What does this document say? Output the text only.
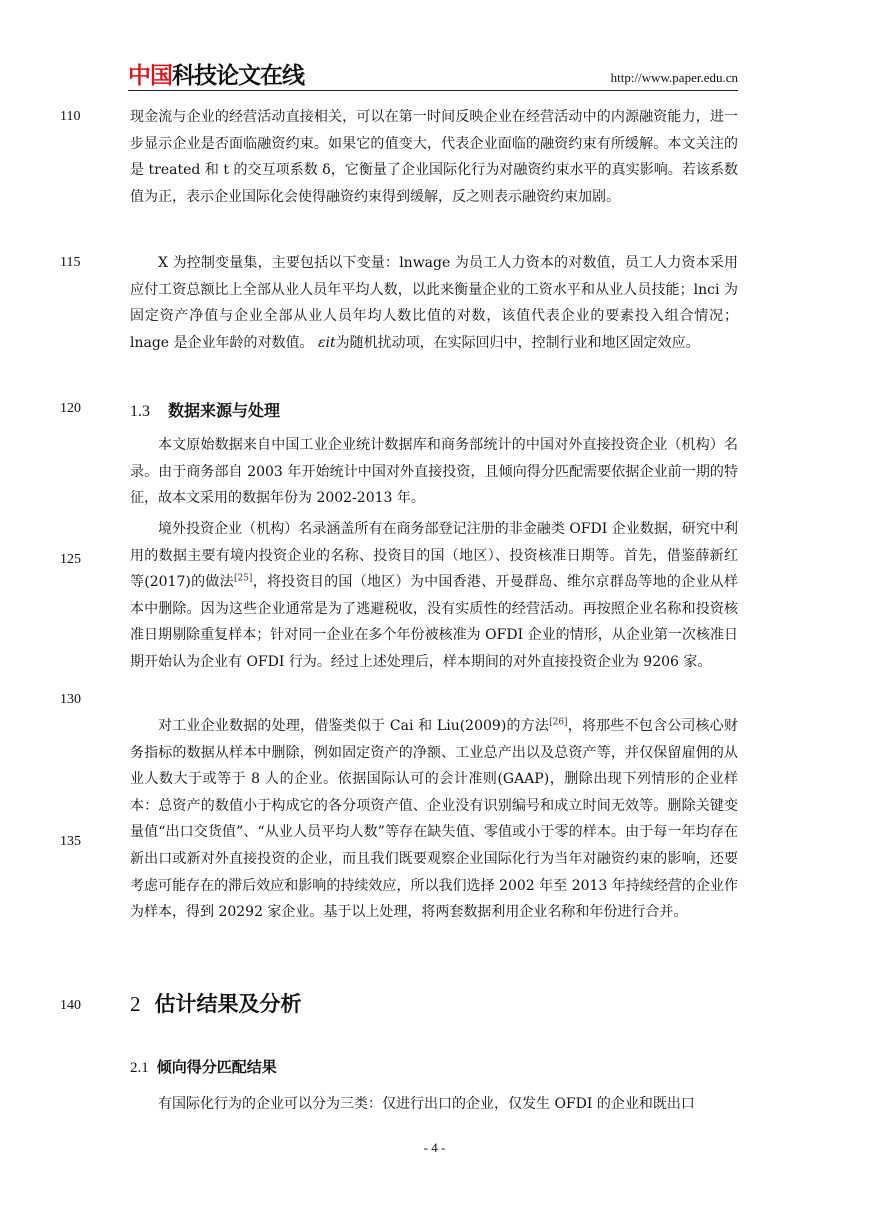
中国科技论文在线	http://www.paper.edu.cn
110
115
120
125
130
135
140

现金流与企业的经营活动直接相关，可以在第一时间反映企业在经营活动中的内源融资能力，进一步显示企业是否面临融资约束。如果它的值变大，代表企业面临的融资约束有所缓解。本文关注的是 treated 和 t 的交互项系数 δ，它衡量了企业国际化行为对融资约束水平的真实影响。若该系数值为正，表示企业国际化会使得融资约束得到缓解，反之则表示融资约束加剧。

X 为控制变量集，主要包括以下变量：lnwage 为员工人力资本的对数值，员工人力资本采用应付工资总额比上全部从业人员年平均人数，以此来衡量企业的工资水平和从业人员技能；lnci 为固定资产净值与企业全部从业人员年均人数比值的对数，该值代表企业的要素投入组合情况；lnage 是企业年龄的对数值。 εit为随机扰动项，在实际回归中，控制行业和地区固定效应。

1.3 数据来源与处理

本文原始数据来自中国工业企业统计数据库和商务部统计的中国对外直接投资企业（机构）名录。由于商务部自 2003 年开始统计中国对外直接投资，且倾向得分匹配需要依据企业前一期的特征，故本文采用的数据年份为 2002-2013 年。

境外投资企业（机构）名录涵盖所有在商务部登记注册的非金融类 OFDI 企业数据，研究中利用的数据主要有境内投资企业的名称、投资目的国（地区）、投资核准日期等。首先，借鉴薛新红等(2017)的做法[25]，将投资目的国（地区）为中国香港、开曼群岛、维尔京群岛等地的企业从样本中删除。因为这些企业通常是为了逃避税收，没有实质性的经营活动。再按照企业名称和投资核准日期剔除重复样本；针对同一企业在多个年份被核准为 OFDI 企业的情形，从企业第一次核准日期开始认为企业有 OFDI 行为。经过上述处理后，样本期间的对外直接投资企业为 9206 家。

对工业企业数据的处理，借鉴类似于 Cai 和 Liu(2009)的方法[26]，将那些不包含公司核心财务指标的数据从样本中删除，例如固定资产的净额、工业总产出以及总资产等，并仅保留雇佣的从业人数大于或等于 8 人的企业。依据国际认可的会计准则(GAAP)，删除出现下列情形的企业样本：总资产的数值小于构成它的各分项资产值、企业没有识别编号和成立时间无效等。删除关键变量值“出口交货值”、“从业人员平均人数”等存在缺失值、零值或小于零的样本。由于每一年均存在新出口或新对外直接投资的企业，而且我们既要观察企业国际化行为当年对融资约束的影响，还要考虑可能存在的滞后效应和影响的持续效应，所以我们选择 2002 年至 2013 年持续经营的企业作为样本，得到 20292 家企业。基于以上处理，将两套数据利用企业名称和年份进行合并。

2 估计结果及分析
2.1 倾向得分匹配结果

有国际化行为的企业可以分为三类：仅进行出口的企业，仅发生 OFDI 的企业和既出口

- 4 -
